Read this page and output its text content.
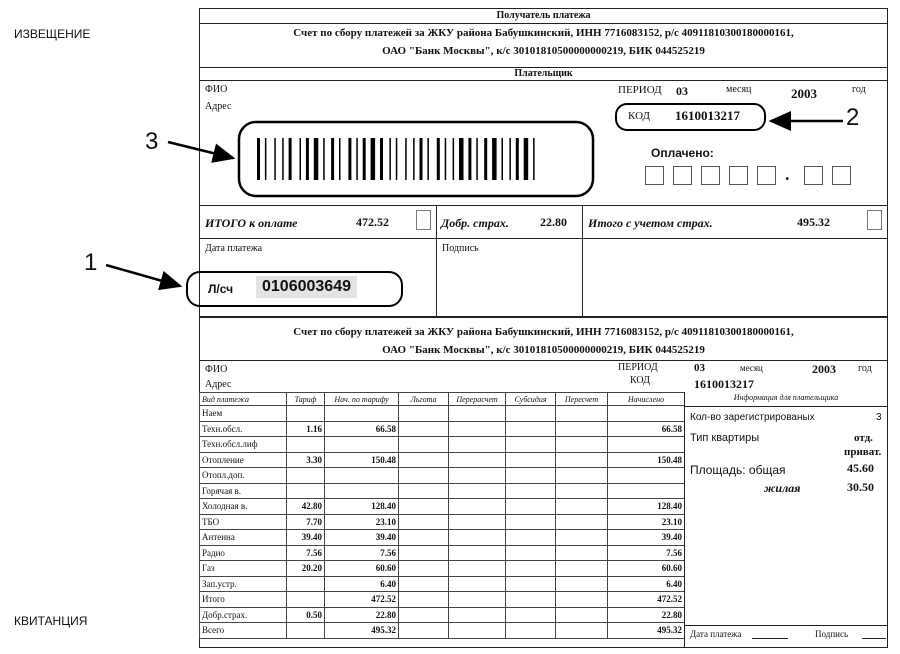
ИЗВЕЩЕНИЕ
КВИТАНЦИЯ
Получатель платежа
Счет по сбору платежей за ЖКУ района Бабушкинский, ИНН 7716083152, р/с 40911810300180000161,
ОАО "Банк Москвы", к/с 30101810500000000219, БИК 044525219
Плательщик
ФИО
Адрес
ПЕРИОД 03	месяц	2003	год
КОД 1610013217
Оплачено:
.
ИТОГО к оплате	472.52	Добр. страх.	22.80 Итого с учетом страх.	495.32
Дата платежа	Подпись
Л/сч	0106003649
1
2
3
Счет по сбору платежей за ЖКУ района Бабушкинский, ИНН 7716083152, р/с 40911810300180000161,
ОАО "Банк Москвы", к/с 30101810500000000219, БИК 044525219
ФИО
Адрес
ПЕРИОД
КОД
03	месяц	2003 год
1610013217
Вид платежа	Тариф	Нач. по тарифу	Льгота	Перерасчет	Субсидия	Пересчет	Начислено
Наем							
Техн.обсл.	1.16	66.58					66.58
Техн.обсл.лиф							
Отопление	3.30	150.48					150.48
Отопл.доп.							
Горячая в.							
Холодная в.	42.80	128.40					128.40
ТБО	7.70	23.10					23.10
Антенна	39.40	39.40					39.40
Радио	7.56	7.56					7.56
Газ	20.20	60.60					60.60
Зап.устр.		6.40					6.40
Итого		472.52					472.52
Добр.страх.	0.50	22.80					22.80
Всего		495.32					495.32
Информация для плательщика
Кол-во зарегистрированых	3
Тип квартиры	отд.
приват.
Площадь: общая	45.60
жилая	30.50
Дата платежа	Подпись
